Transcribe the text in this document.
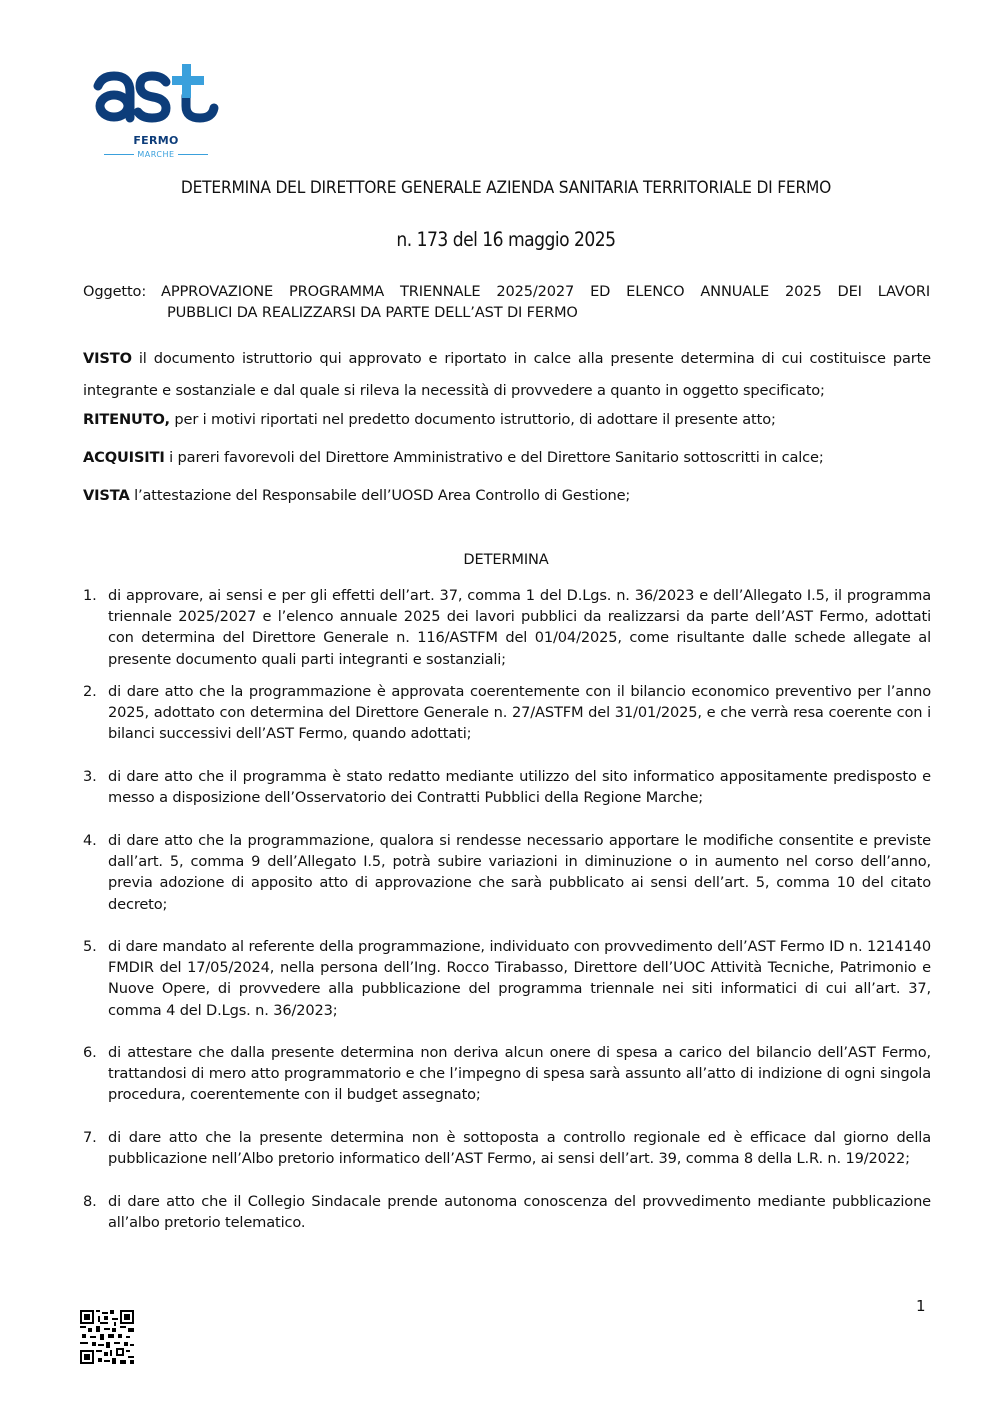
FERMO
MARCHE
DETERMINA DEL DIRETTORE GENERALE AZIENDA SANITARIA TERRITORIALE DI FERMO
n. 173 del 16 maggio 2025
Oggetto: APPROVAZIONE PROGRAMMA TRIENNALE 2025/2027 ED ELENCO ANNUALE 2025 DEI LAVORI
PUBBLICI DA REALIZZARSI DA PARTE DELL’AST DI FERMO
VISTO il documento istruttorio qui approvato e riportato in calce alla presente determina di cui costituisce parte integrante e sostanziale e dal quale si rileva la necessità di provvedere a quanto in oggetto specificato;
RITENUTO, per i motivi riportati nel predetto documento istruttorio, di adottare il presente atto;
ACQUISITI i pareri favorevoli del Direttore Amministrativo e del Direttore Sanitario sottoscritti in calce;
VISTA l’attestazione del Responsabile dell’UOSD Area Controllo di Gestione;
DETERMINA
1. di approvare, ai sensi e per gli effetti dell’art. 37, comma 1 del D.Lgs. n. 36/2023 e dell’Allegato I.5, il programma triennale 2025/2027 e l’elenco annuale 2025 dei lavori pubblici da realizzarsi da parte dell’AST Fermo, adottati con determina del Direttore Generale n. 116/ASTFM del 01/04/2025, come risultante dalle schede allegate al presente documento quali parti integranti e sostanziali;
2. di dare atto che la programmazione è approvata coerentemente con il bilancio economico preventivo per l’anno 2025, adottato con determina del Direttore Generale n. 27/ASTFM del 31/01/2025, e che verrà resa coerente con i bilanci successivi dell’AST Fermo, quando adottati;
3. di dare atto che il programma è stato redatto mediante utilizzo del sito informatico appositamente predisposto e messo a disposizione dell’Osservatorio dei Contratti Pubblici della Regione Marche;
4. di dare atto che la programmazione, qualora si rendesse necessario apportare le modifiche consentite e previste dall’art. 5, comma 9 dell’Allegato I.5, potrà subire variazioni in diminuzione o in aumento nel corso dell’anno, previa adozione di apposito atto di approvazione che sarà pubblicato ai sensi dell’art. 5, comma 10 del citato decreto;
5. di dare mandato al referente della programmazione, individuato con provvedimento dell’AST Fermo ID n. 1214140 FMDIR del 17/05/2024, nella persona dell’Ing. Rocco Tirabasso, Direttore dell’UOC Attività Tecniche, Patrimonio e Nuove Opere, di provvedere alla pubblicazione del programma triennale nei siti informatici di cui all’art. 37, comma 4 del D.Lgs. n. 36/2023;
6. di attestare che dalla presente determina non deriva alcun onere di spesa a carico del bilancio dell’AST Fermo, trattandosi di mero atto programmatorio e che l’impegno di spesa sarà assunto all’atto di indizione di ogni singola procedura, coerentemente con il budget assegnato;
7. di dare atto che la presente determina non è sottoposta a controllo regionale ed è efficace dal giorno della pubblicazione nell’Albo pretorio informatico dell’AST Fermo, ai sensi dell’art. 39, comma 8 della L.R. n. 19/2022;
8. di dare atto che il Collegio Sindacale prende autonoma conoscenza del provvedimento mediante pubblicazione all’albo pretorio telematico.
1
